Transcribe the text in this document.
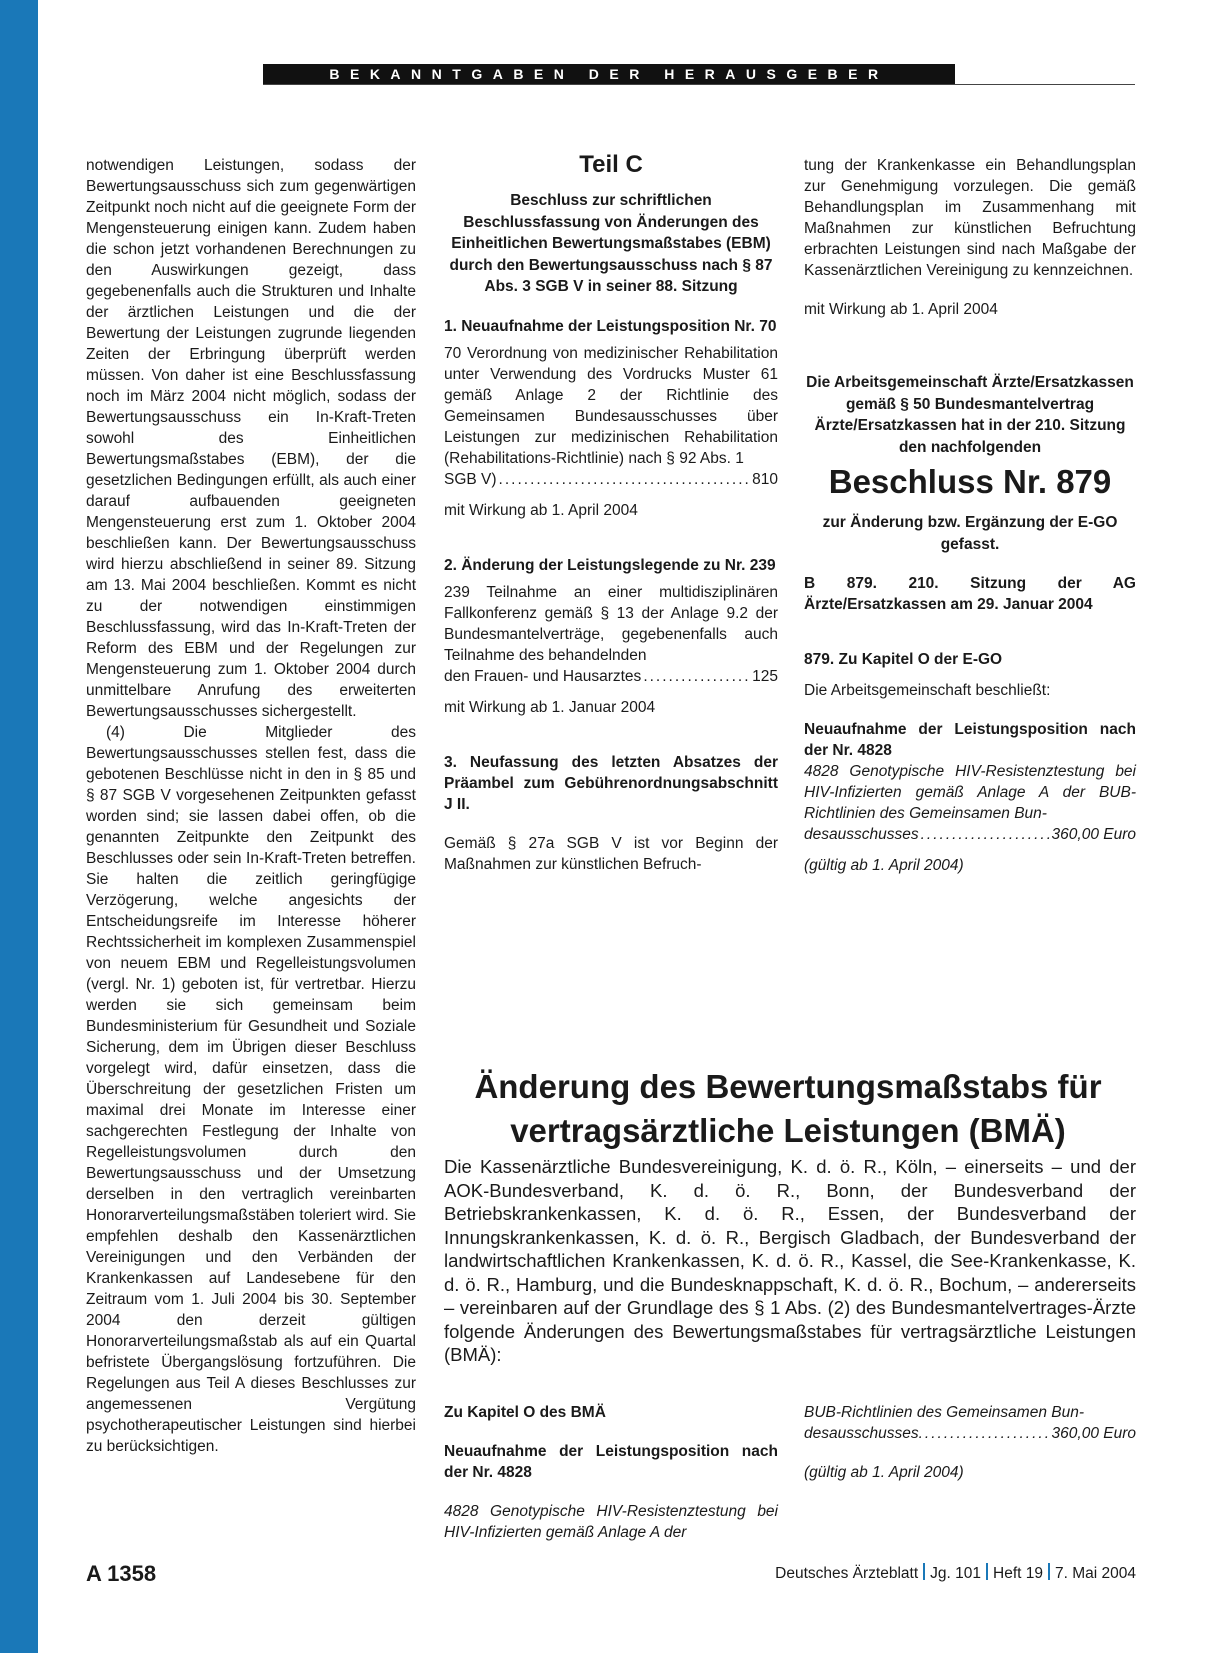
BEKANNTGABEN DER HERAUSGEBER

notwendigen Leistungen, sodass der Bewertungsausschuss sich zum gegenwärtigen Zeitpunkt noch nicht auf die geeignete Form der Mengensteuerung einigen kann. Zudem haben die schon jetzt vorhandenen Berechnungen zu den Auswirkungen gezeigt, dass gegebenenfalls auch die Strukturen und Inhalte der ärztlichen Leistungen und die der Bewertung der Leistungen zugrunde liegenden Zeiten der Erbringung überprüft werden müssen. Von daher ist eine Beschlussfassung noch im März 2004 nicht möglich, sodass der Bewertungsausschuss ein In-Kraft-Treten sowohl des Einheitlichen Bewertungsmaßstabes (EBM), der die gesetzlichen Bedingungen erfüllt, als auch einer darauf aufbauenden geeigneten Mengensteuerung erst zum 1. Oktober 2004 beschließen kann. Der Bewertungsausschuss wird hierzu abschließend in seiner 89. Sitzung am 13. Mai 2004 beschließen. Kommt es nicht zu der notwendigen einstimmigen Beschlussfassung, wird das In-Kraft-Treten der Reform des EBM und der Regelungen zur Mengensteuerung zum 1. Oktober 2004 durch unmittelbare Anrufung des erweiterten Bewertungsausschusses sichergestellt.

(4) Die Mitglieder des Bewertungsausschusses stellen fest, dass die gebotenen Beschlüsse nicht in den in § 85 und § 87 SGB V vorgesehenen Zeitpunkten gefasst worden sind; sie lassen dabei offen, ob die genannten Zeitpunkte den Zeitpunkt des Beschlusses oder sein In-Kraft-Treten betreffen. Sie halten die zeitlich geringfügige Verzögerung, welche angesichts der Entscheidungsreife im Interesse höherer Rechtssicherheit im komplexen Zusammenspiel von neuem EBM und Regelleistungsvolumen (vergl. Nr. 1) geboten ist, für vertretbar. Hierzu werden sie sich gemeinsam beim Bundesministerium für Gesundheit und Soziale Sicherung, dem im Übrigen dieser Beschluss vorgelegt wird, dafür einsetzen, dass die Überschreitung der gesetzlichen Fristen um maximal drei Monate im Interesse einer sachgerechten Festlegung der Inhalte von Regelleistungsvolumen durch den Bewertungsausschuss und der Umsetzung derselben in den vertraglich vereinbarten Honorarverteilungsmaßstäben toleriert wird. Sie empfehlen deshalb den Kassenärztlichen Vereinigungen und den Verbänden der Krankenkassen auf Landesebene für den Zeitraum vom 1. Juli 2004 bis 30. September 2004 den derzeit gültigen Honorarverteilungsmaßstab als auf ein Quartal befristete Übergangslösung fortzuführen. Die Regelungen aus Teil A dieses Beschlusses zur angemessenen Vergütung psychotherapeutischer Leistungen sind hierbei zu berücksichtigen.

Teil C

Beschluss zur schriftlichen Beschlussfassung von Änderungen des Einheitlichen Bewertungsmaßstabes (EBM) durch den Bewertungsausschuss nach § 87 Abs. 3 SGB V in seiner 88. Sitzung

1. Neuaufnahme der Leistungsposition Nr. 70

70 Verordnung von medizinischer Rehabilitation unter Verwendung des Vordrucks Muster 61 gemäß Anlage 2 der Richtlinie des Gemeinsamen Bundesausschusses über Leistungen zur medizinischen Rehabilitation (Rehabilitations-Richtlinie) nach § 92 Abs. 1

SGB V) .....	810

mit Wirkung ab 1. April 2004

2. Änderung der Leistungslegende zu Nr. 239

239 Teilnahme an einer multidisziplinären Fallkonferenz gemäß § 13 der Anlage 9.2 der Bundesmantelverträge, gegebenenfalls auch Teilnahme des behandelnden

den Frauen- und Hausarztes .....	125

mit Wirkung ab 1. Januar 2004

3. Neufassung des letzten Absatzes der Präambel zum Gebührenordnungsabschnitt J II.

Gemäß § 27a SGB V ist vor Beginn der Maßnahmen zur künstlichen Befruch-

tung der Krankenkasse ein Behandlungsplan zur Genehmigung vorzulegen. Die gemäß Behandlungsplan im Zusammenhang mit Maßnahmen zur künstlichen Befruchtung erbrachten Leistungen sind nach Maßgabe der Kassenärztlichen Vereinigung zu kennzeichnen.

mit Wirkung ab 1. April 2004

Die Arbeitsgemeinschaft Ärzte/Ersatzkassen gemäß § 50 Bundesmantelvertrag Ärzte/Ersatzkassen hat in der 210. Sitzung den nachfolgenden

Beschluss Nr. 879

zur Änderung bzw. Ergänzung der E-GO gefasst.

B 879. 210. Sitzung der AG Ärzte/Ersatzkassen am 29. Januar 2004

879. Zu Kapitel O der E-GO

Die Arbeitsgemeinschaft beschließt:

Neuaufnahme der Leistungsposition nach der Nr. 4828

4828 Genotypische HIV-Resistenztestung bei HIV-Infizierten gemäß Anlage A der BUB-Richtlinien des Gemeinsamen Bun-

desausschusses .....	360,00 Euro

(gültig ab 1. April 2004)

Änderung des Bewertungsmaßstabs für
vertragsärztliche Leistungen (BMÄ)

Die Kassenärztliche Bundesvereinigung, K. d. ö. R., Köln, – einerseits – und der AOK-Bundesverband, K. d. ö. R., Bonn, der Bundesverband der Betriebskrankenkassen, K. d. ö. R., Essen, der Bundesverband der Innungskrankenkassen, K. d. ö. R., Bergisch Gladbach, der Bundesverband der landwirtschaftlichen Krankenkassen, K. d. ö. R., Kassel, die See-Krankenkasse, K. d. ö. R., Hamburg, und die Bundesknappschaft, K. d. ö. R., Bochum, – andererseits – vereinbaren auf der Grundlage des § 1 Abs. (2) des Bundesmantelvertrages-Ärzte folgende Änderungen des Bewertungsmaßstabes für vertragsärztliche Leistungen (BMÄ):

Zu Kapitel O des BMÄ

Neuaufnahme der Leistungsposition nach der Nr. 4828

4828 Genotypische HIV-Resistenztestung bei HIV-Infizierten gemäß Anlage A der

BUB-Richtlinien des Gemeinsamen Bun-

desausschusses. .....	360,00 Euro

(gültig ab 1. April 2004)

A 1358	Deutsches Ärzteblatt Jg. 101 Heft 19 7. Mai 2004
